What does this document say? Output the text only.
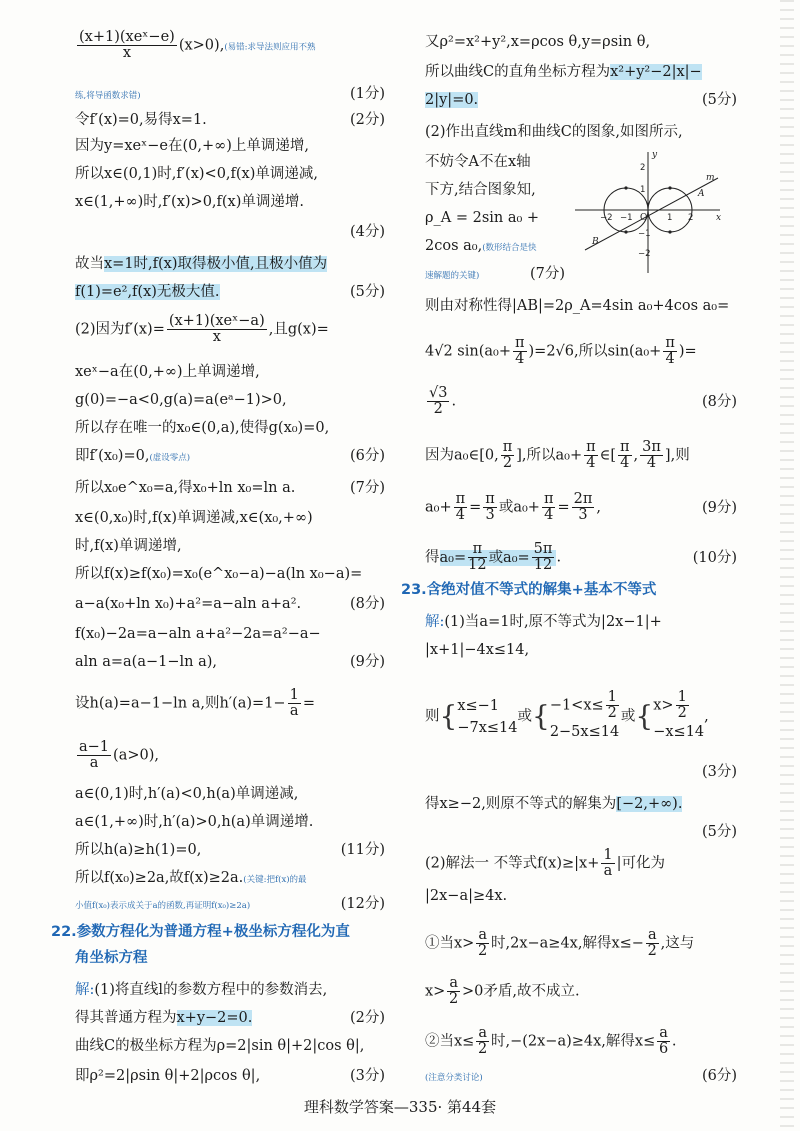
$\frac{\text{(x+1)(xeˣ−e)}}{x} (x>0)$,(易错:求导法则应用不熟
练,将导函数求错)	(1分)
令f′(x)=0,易得x=1.	(2分)
因为y=xeˣ−e在(0,+∞)上单调递增,
所以x∈(0,1)时,f′(x)<0,f(x)单调递减,
x∈(1,+∞)时,f′(x)>0,f(x)单调递增.
(4分)
故当x=1时,f(x)取得极小值,且极小值为
f(1)=e²,f(x)无极大值.	(5分)
(2)因为$f'(x)= \frac{\text{(x+1)(xeˣ−a)}}{x}$ ,且g(x)=
xeˣ−a在(0,+∞)上单调递增,
g(0)=−a<0,g(a)=a(eᵃ−1)>0,
所以存在唯一的x₀∈(0,a),使得g(x₀)=0,
即f′(x₀)=0,(虚设零点)	(6分)
所以x₀e^x₀=a,得x₀+ln x₀=ln a.	(7分)
x∈(0,x₀)时,f(x)单调递减,x∈(x₀,+∞)
时,f(x)单调递增,
所以f(x)≥f(x₀)=x₀(e^x₀−a)−a(ln x₀−a)=
a−a(x₀+ln x₀)+a²=a−aln a+a².	(8分)
f(x₀)−2a=a−aln a+a²−2a=a²−a−
aln a=a(a−1−ln a),	(9分)
设h(a)=a−1−ln a,则$h'(a)=1- \frac{1}{a}$ =
$\frac{a-1}{a} (a>0)$,
a∈(0,1)时,h′(a)<0,h(a)单调递减,
a∈(1,+∞)时,h′(a)>0,h(a)单调递增.
所以h(a)≥h(1)=0,	(11分)
所以f(x₀)≥2a,故f(x)≥2a.(关键:把f(x)的最
小值f(x₀)表示成关于a的函数,再证明f(x₀)≥2a)	(12分)
22.参数方程化为普通方程+极坐标方程化为直
角坐标方程
解:(1)将直线l的参数方程中的参数消去,
得其普通方程为x+y−2=0.	(2分)
曲线C的极坐标方程为ρ=2|sin θ|+2|cos θ|,
即ρ²=2|ρsin θ|+2|ρcos θ|,	(3分)
又ρ²=x²+y²,x=ρcos θ,y=ρsin θ,
所以曲线C的直角坐标方程为x²+y²−2|x|−
2|y|=0.	(5分)
(2)作出直线m和曲线C的图象,如图所示,
不妨令A不在x轴
下方,结合图象知,
ρ_A = 2sin a₀ +
2cos a₀,(数形结合是快
速解题的关键)	(7分)
则由对称性得|AB|=2ρ_A=4sin a₀+4cos a₀=
4√2 $\sin(a_0+ \frac{\pi}{4} )=2√6$,所以$\sin(a_0+ \frac{\pi}{4}$ )=
$\frac{√3}{2}$ .	(8分)
因为a₀∈[0, $\frac{\pi}{2}$ ],所以$a_0+ \frac{\pi}{4}$ ∈[ $\frac{\pi}{4}$ , $\frac{3\pi}{4}$ ],则
$a_0+ \frac{\pi}{4} = \frac{\pi}{3}$ 或$a_0+ \frac{\pi}{4} = \frac{2\pi}{3}$ ,	(9分)
得$a_0= \frac{\pi}{12}$ 或$a_0= \frac{5\pi}{12}$ .	(10分)
23.含绝对值不等式的解集+基本不等式
解:(1)当a=1时,原不等式为|2x−1|+
|x+1|−4x≤14,
则{ x≤−1
−7x≤14
或{ $-1<x\le \frac{1}{2}$
2−5x≤14
或{ $x> \frac{1}{2}$
−x≤14
,
(3分)
得x≥−2,则原不等式的解集为[−2,+∞).
(5分)
(2)解法一 不等式$f(x)\ge|x+ \frac{1}{a}$ |可化为
|2x−a|≥4x.
①当$x> \frac{a}{2}$ 时,2x−a≥4x,解得$x\le- \frac{a}{2}$ ,这与
$x> \frac{a}{2} >0$矛盾,故不成立.
②当$x\le \frac{a}{2}$ 时,−(2x−a)≥4x,解得$x\le \frac{a}{6}$ .
(注意分类讨论)	(6分)
y
x
m
A
B
O
−2 −1	1 2
2
1
−1
−2
理科数学答案—335· 第44套
